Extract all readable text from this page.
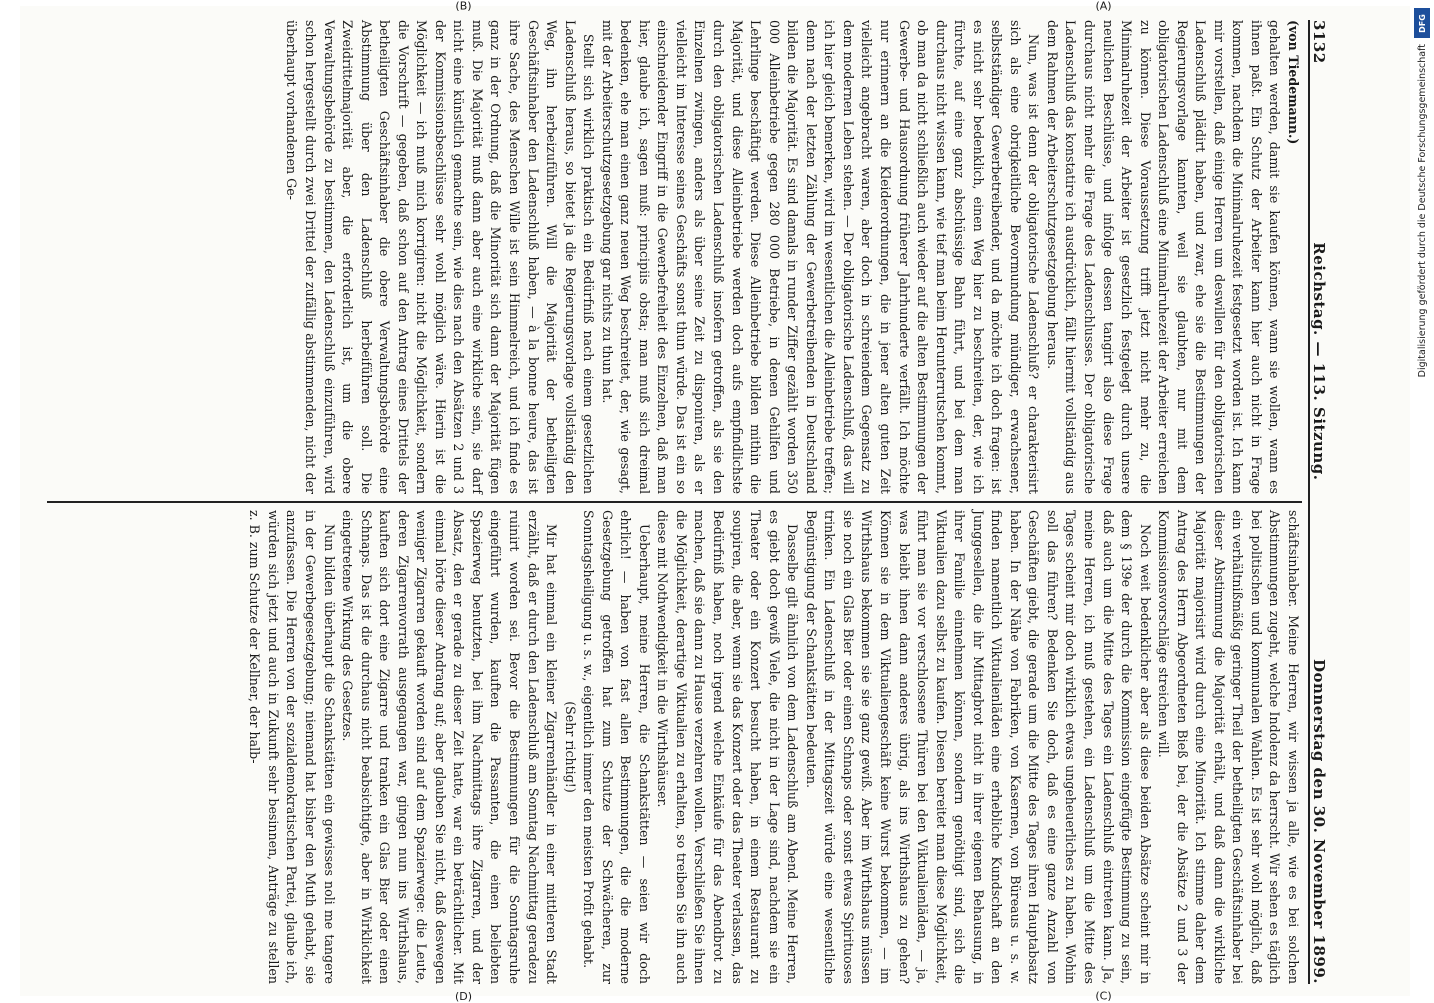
3132
Reichstag. — 113. Sitzung.
Donnerstag den 30. November 1899.

(von Tiedemann.)

gehalten werden, damit sie kaufen können, wann sie wollen, wann es ihnen paßt. Ein Schutz der Arbeiter kann hier auch nicht in Frage kommen, nachdem die Minimalruhezeit festgesetzt worden ist. Ich kann mir vorstellen, daß einige Herren um deswillen für den obligatorischen Ladenschluß plädirt haben, und zwar, ehe sie die Bestimmungen der Regierungsvorlage kannten, weil sie glaubten, nur mit dem obligatorischen Ladenschluß eine Minimalruhezeit der Arbeiter erreichen zu können. Diese Voraussetzung trifft jetzt nicht mehr zu, die Minimalruhezeit der Arbeiter ist gesetzlich festgelegt durch unsere neulichen Beschlüsse, und infolge dessen tangirt also diese Frage durchaus nicht mehr die Frage des Ladenschlusses. Der obligatorische Ladenschluß das konstatire ich ausdrücklich, fällt hiermit vollständig aus dem Rahmen der Arbeiterschutzgesetzgebung heraus.

Nun, was ist denn der obligatorische Ladenschluß? er charakterisirt sich als eine obrigkeitliche Bevormundung mündiger, erwachsener, selbstständiger Gewerbetreibender, und da möchte ich doch fragen: ist es nicht sehr bedenklich, einen Weg hier zu beschreiten, der, wie ich fürchte, auf eine ganz abschüssige Bahn führt, und bei dem man durchaus nicht wissen kann, wie tief man beim Herunterrutschen kommt, ob man da nicht schließlich auch wieder auf die alten Bestimmungen der Gewerbe- und Hausordnung früherer Jahrhunderte verfällt. Ich möchte nur erinnern an die Kleiderordnungen, die in jener alten guten Zeit vielleicht angebracht waren, aber doch in schreiendem Gegensatz zu dem modernen Leben stehen. — Der obligatorische Ladenschluß, das will ich hier gleich bemerken, wird im wesentlichen die Alleinbetriebe treffen; denn nach der letzten Zählung der Gewerbetreibenden in Deutschland bilden die Majorität. Es sind damals in runder Ziffer gezählt worden 350 000 Alleinbetriebe gegen 280 000 Betriebe, in denen Gehilfen und Lehrlinge beschäftigt werden. Diese Alleinbetriebe bilden mithin die Majorität, und diese Alleinbetriebe werden doch aufs empfindlichste durch den obligatorischen Ladenschluß insofern getroffen, als sie den Einzelnen zwingen, anders als über seine Zeit zu disponiren, als er vielleicht im Interesse seines Geschäfts sonst thun würde. Das ist ein so einschneidender Eingriff in die Gewerbefreiheit des Einzelnen, daß man hier, glaube ich, sagen muß: principiis obsta; man muß sich dreimal bedenken, ehe man einen ganz neuen Weg beschreitet, der, wie gesagt, mit der Arbeiterschutzgesetzgebung gar nichts zu thun hat.

Stellt sich wirklich praktisch ein Bedürfniß nach einem gesetzlichen Ladenschluß heraus, so bietet ja die Regierungsvorlage vollständig den Weg, ihn herbeizuführen. Will die Majorität der betheiligten Geschäftsinhaber den Ladenschluß haben, — à la bonne heure, das ist ihre Sache, des Menschen Wille ist sein Himmelreich, und ich finde es ganz in der Ordnung, daß die Minorität sich dann der Majorität fügen muß. Die Majorität muß dann aber auch eine wirkliche sein, sie darf nicht eine künstlich gemachte sein, wie dies nach den Absätzen 2 und 3 der Kommissionsbeschlüsse sehr wohl möglich wäre. Hierin ist die Möglichkeit — ich muß mich korrigiren: nicht die Möglichkeit, sondern die Vorschrift — gegeben, daß schon auf den Antrag eines Drittels der betheiligten Geschäftsinhaber die obere Verwaltungsbehörde eine Abstimmung über den Ladenschluß herbeiführen soll. Die Zweidrittelmajorität aber, die erforderlich ist, um die obere Verwaltungsbehörde zu bestimmen, den Ladenschluß einzuführen, wird schon hergestellt durch zwei Drittel der zufällig abstimmenden, nicht der überhaupt vorhandenen Ge-

schäftsinhaber. Meine Herren, wir wissen ja alle, wie es bei solchen Abstimmungen zugeht, welche Indolenz da herrscht. Wir sehen es täglich bei politischen und kommunalen Wahlen. Es ist sehr wohl möglich, daß ein verhältnißmäßig geringer Theil der betheiligten Geschäftsinhaber bei dieser Abstimmung die Majorität erhält, und daß dann die wirkliche Majorität majorisirt wird durch eine Minorität. Ich stimme daher dem Antrag des Herrn Abgeordneten Bieß bei, der die Absätze 2 und 3 der Kommissionsvorschläge streichen will.

Noch weit bedenklicher aber als diese beiden Absätze scheint mir in dem § 139e der durch die Kommission eingefügte Bestimmung zu sein, daß auch um die Mitte des Tages ein Ladenschluß eintreten kann. Ja, meine Herren, ich muß gestehen, ein Ladenschluß um die Mitte des Tages scheint mir doch wirklich etwas ungeheuerliches zu haben. Wohin soll das führen? Bedenken Sie doch, daß es eine ganze Anzahl von Geschäften giebt, die gerade um die Mitte des Tages ihren Hauptabsatz haben. In der Nähe von Fabriken, von Kasernen, von Büreaus u. s. w. finden namentlich Viktualienläden eine erhebliche Kundschaft an den Junggesellen, die ihr Mittagbrot nicht in ihrer eigenen Behausung, in ihrer Familie einnehmen können, sondern genöthigt sind, sich die Viktualien dazu selbst zu kaufen. Diesen bereitet man diese Möglichkeit, führt man sie vor verschlossene Thüren bei den Viktualienläden, — ja, was bleibt ihnen dann anderes übrig, als ins Wirthshaus zu gehen? Können sie in dem Viktualiengeschäft keine Wurst bekommen, — im Wirthshaus bekommen sie sie ganz gewiß. Aber im Wirthshaus müssen sie noch ein Glas Bier oder einen Schnaps oder sonst etwas Spirituoses trinken. Ein Ladenschluß in der Mittagszeit würde eine wesentliche Begünstigung der Schankstätten bedeuten.

Dasselbe gilt ähnlich von dem Ladenschluß am Abend. Meine Herren, es giebt doch gewiß Viele, die nicht in der Lage sind, nachdem sie ein Theater oder ein Konzert besucht haben, in einem Restaurant zu soupiren, die aber, wenn sie das Konzert oder das Theater verlassen, das Bedürfniß haben, noch irgend welche Einkäufe für das Abendbrot zu machen, daß sie dann zu Hause verzehren wollen. Verschließen Sie ihnen die Möglichkeit, derartige Viktualien zu erhalten, so treiben Sie ihn auch diese mit Nothwendigkeit in die Wirthshäuser.

Ueberhaupt, meine Herren, die Schankstätten — seien wir doch ehrlich! — haben von fast allen Bestimmungen, die die moderne Gesetzgebung getroffen hat zum Schutze der Schwächeren, zur Sonntagsheiligung u. s. w., eigentlich immer den meisten Profit gehabt.

(Sehr richtig!)

Mir hat einmal ein kleiner Zigarrenhändler in einer mittleren Stadt erzählt, daß er durch den Ladenschluß am Sonntag Nachmittag geradezu ruinirt worden sei. Bevor die Bestimmungen für die Sonntagsruhe eingeführt wurden, kauften die Passanten, die einen beliebten Spazierweg benutzten, bei ihm Nachmittags ihre Zigarren, und der Absatz, den er gerade zu dieser Zeit hatte, war ein beträchtlicher. Mit einmal hörte dieser Andrang auf; aber glauben Sie nicht, daß deswegen weniger Zigarren gekauft worden sind auf dem Spazierwege: die Leute, deren Zigarrenvorrath ausgegangen war, gingen nun ins Wirthshaus, kauften sich dort eine Zigarre und tranken ein Glas Bier oder einen Schnaps. Das ist die durchaus nicht beabsichtigte, aber in Wirklichkeit eingetretene Wirkung des Gesetzes.

Nun bilden überhaupt die Schankstätten ein gewisses noli me tangere in der Gewerbegesetzgebung; niemand hat bisher den Muth gehabt, sie anzufassen. Die Herren von der sozialdemokratischen Partei, glaube ich, würden sich jetzt und auch in Zukunft sehr besinnen, Anträge zu stellen z. B. zum Schutze der Kellner, der halb-

(A)
(B)
(C)
(D)
DFG
Digitalisierung gefördert durch die Deutsche Forschungsgemeinschaft
